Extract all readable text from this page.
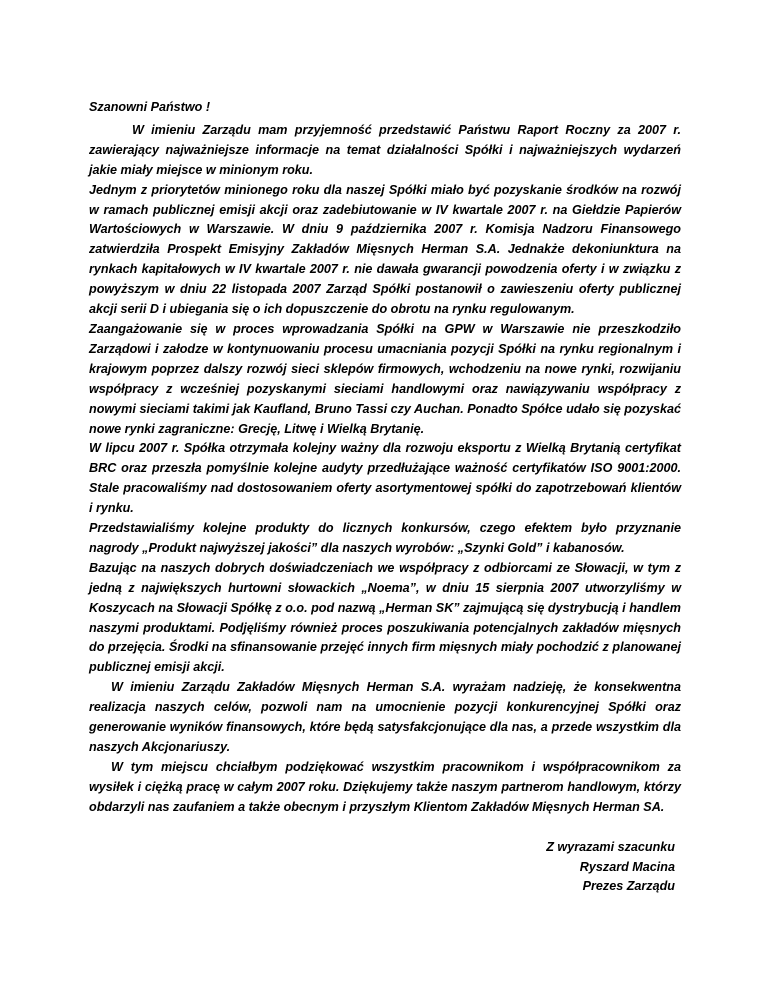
Szanowni Państwo !

W imieniu Zarządu mam przyjemność przedstawić Państwu Raport Roczny za 2007 r. zawierający najważniejsze informacje na temat działalności Spółki i najważniejszych wydarzeń jakie miały miejsce w minionym roku.

Jednym z priorytetów minionego roku dla naszej Spółki miało być pozyskanie środków na rozwój w ramach publicznej emisji akcji oraz zadebiutowanie w IV kwartale 2007 r. na Giełdzie Papierów Wartościowych w Warszawie. W dniu 9 października 2007 r. Komisja Nadzoru Finansowego zatwierdziła Prospekt Emisyjny Zakładów Mięsnych Herman S.A. Jednakże dekoniunktura na rynkach kapitałowych w IV kwartale 2007 r. nie dawała gwarancji powodzenia oferty i w związku z powyższym w dniu 22 listopada 2007 Zarząd Spółki postanowił o zawieszeniu oferty publicznej akcji serii D i ubiegania się o ich dopuszczenie do obrotu na rynku regulowanym.

Zaangażowanie się w proces wprowadzania Spółki na GPW w Warszawie nie przeszkodziło Zarządowi i załodze w kontynuowaniu procesu umacniania pozycji Spółki na rynku regionalnym i krajowym poprzez dalszy rozwój sieci sklepów firmowych, wchodzeniu na nowe rynki, rozwijaniu współpracy z wcześniej pozyskanymi sieciami handlowymi oraz nawiązywaniu współpracy z nowymi sieciami takimi jak Kaufland, Bruno Tassi czy Auchan. Ponadto Spółce udało się pozyskać nowe rynki zagraniczne: Grecję, Litwę i Wielką Brytanię.

W lipcu 2007 r. Spółka otrzymała kolejny ważny dla rozwoju eksportu z Wielką Brytanią certyfikat BRC oraz przeszła pomyślnie kolejne audyty przedłużające ważność certyfikatów ISO 9001:2000. Stale pracowaliśmy nad dostosowaniem oferty asortymentowej spółki do zapotrzebowań klientów i rynku.

Przedstawialiśmy kolejne produkty do licznych konkursów, czego efektem było przyznanie nagrody „Produkt najwyższej jakości” dla naszych wyrobów: „Szynki Gold” i kabanosów.

Bazując na naszych dobrych doświadczeniach we współpracy z odbiorcami ze Słowacji, w tym z jedną z największych hurtowni słowackich „Noema”, w dniu 15 sierpnia 2007 utworzyliśmy w Koszycach na Słowacji Spółkę z o.o. pod nazwą „Herman SK” zajmującą się dystrybucją i handlem naszymi produktami. Podjęliśmy również proces poszukiwania potencjalnych zakładów mięsnych do przejęcia. Środki na sfinansowanie przejęć innych firm mięsnych miały pochodzić z planowanej publicznej emisji akcji.

W imieniu Zarządu Zakładów Mięsnych Herman S.A. wyrażam nadzieję, że konsekwentna realizacja naszych celów, pozwoli nam na umocnienie pozycji konkurencyjnej Spółki oraz generowanie wyników finansowych, które będą satysfakcjonujące dla nas, a przede wszystkim dla naszych Akcjonariuszy.

W tym miejscu chciałbym podziękować wszystkim pracownikom i współpracownikom za wysiłek i ciężką pracę w całym 2007 roku. Dziękujemy także naszym partnerom handlowym, którzy obdarzyli nas zaufaniem a także obecnym i przyszłym Klientom Zakładów Mięsnych Herman SA.

Z wyrazami szacunku
Ryszard Macina
Prezes Zarządu
